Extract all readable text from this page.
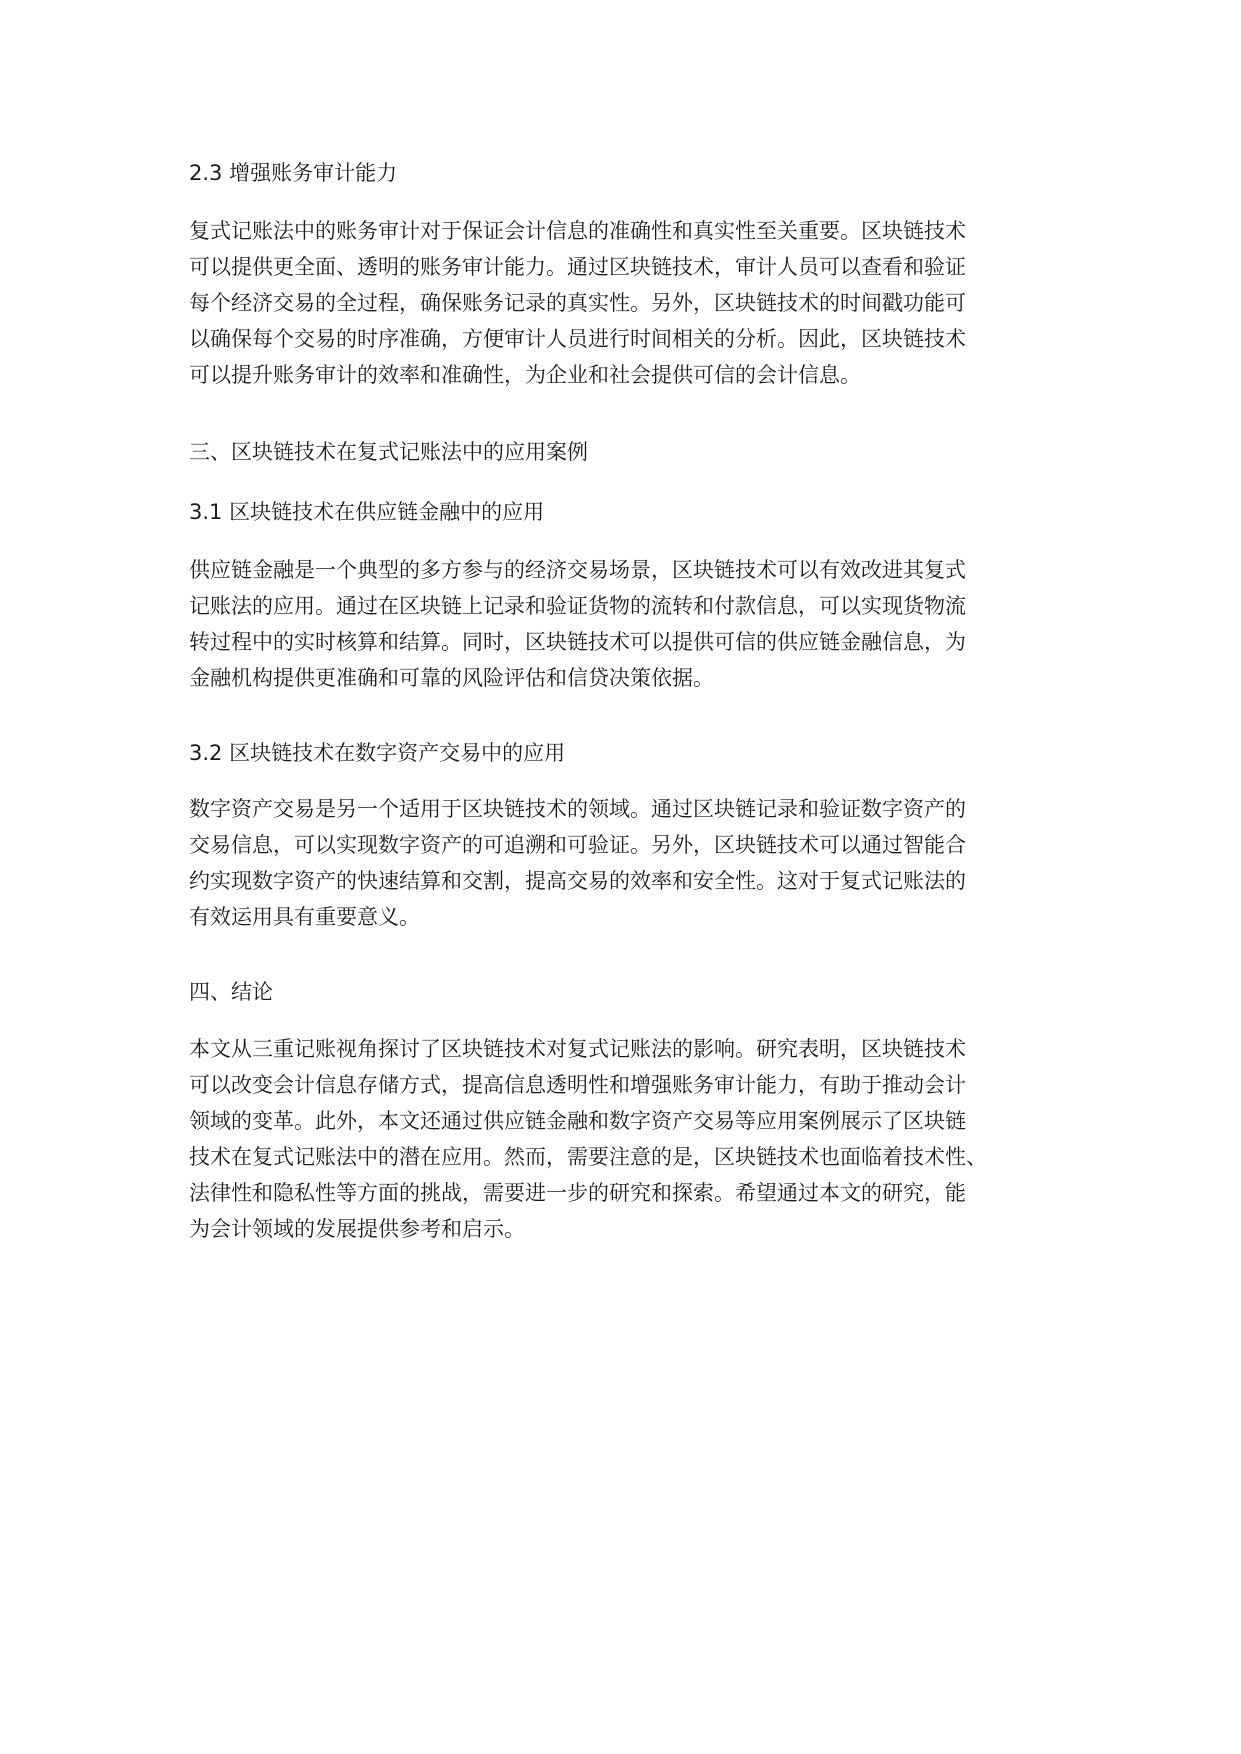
2.3 增强账务审计能力
复式记账法中的账务审计对于保证会计信息的准确性和真实性至关重要。区块链技术
可以提供更全面、透明的账务审计能力。通过区块链技术，审计人员可以查看和验证
每个经济交易的全过程，确保账务记录的真实性。另外，区块链技术的时间戳功能可
以确保每个交易的时序准确，方便审计人员进行时间相关的分析。因此，区块链技术
可以提升账务审计的效率和准确性，为企业和社会提供可信的会计信息。
三、区块链技术在复式记账法中的应用案例
3.1 区块链技术在供应链金融中的应用
供应链金融是一个典型的多方参与的经济交易场景，区块链技术可以有效改进其复式
记账法的应用。通过在区块链上记录和验证货物的流转和付款信息，可以实现货物流
转过程中的实时核算和结算。同时，区块链技术可以提供可信的供应链金融信息，为
金融机构提供更准确和可靠的风险评估和信贷决策依据。
3.2 区块链技术在数字资产交易中的应用
数字资产交易是另一个适用于区块链技术的领域。通过区块链记录和验证数字资产的
交易信息，可以实现数字资产的可追溯和可验证。另外，区块链技术可以通过智能合
约实现数字资产的快速结算和交割，提高交易的效率和安全性。这对于复式记账法的
有效运用具有重要意义。
四、结论
本文从三重记账视角探讨了区块链技术对复式记账法的影响。研究表明，区块链技术
可以改变会计信息存储方式，提高信息透明性和增强账务审计能力，有助于推动会计
领域的变革。此外，本文还通过供应链金融和数字资产交易等应用案例展示了区块链
技术在复式记账法中的潜在应用。然而，需要注意的是，区块链技术也面临着技术性、
法律性和隐私性等方面的挑战，需要进一步的研究和探索。希望通过本文的研究，能
为会计领域的发展提供参考和启示。
